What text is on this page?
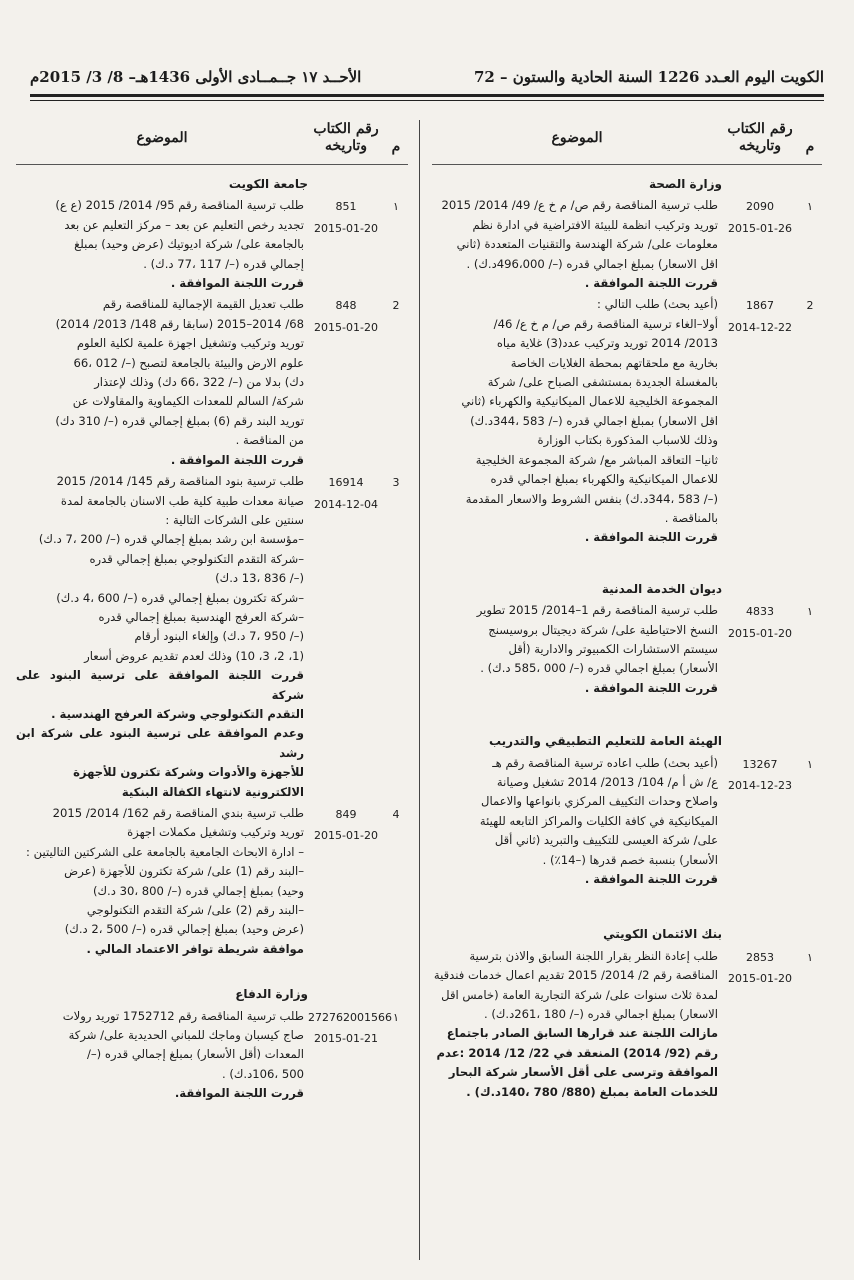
الكويت اليوم العـدد 1226 السنة الحادية والستون – 72
الأحــد ١٧ جــمــادى الأولى 1436هـ– 8/ 3/ 2015م
م
رقم الكتاب
وتاريخه
الموضوع
وزارة الصحة
١
2090
2015-01-26

طلب ترسية المناقصة رقم ص/ م خ ع/ 49/ 2014/ 2015

توريد وتركيب انظمة للبيئة الافتراضية في ادارة نظم

معلومات على/ شركة الهندسة والتقنيات المتعددة (ثاني

اقل الاسعار) بمبلغ اجمالي قدره (–/ 496،000د.ك) .

قررت اللجنة الموافقة .

2
1867
2014-12-22

(أعيد بحث) طلب التالي :

أولا–الغاء ترسية المناقصة رقم ص/ م خ ع/ 46/

2013/ 2014 توريد وتركيب عدد(3) غلاية مياه

بخارية مع ملحقاتهم بمحطة الغلايات الخاصة

بالمغسلة الجديدة بمستشفى الصباح على/ شركة

المجموعة الخليجية للاعمال الميكانيكية والكهرباء (ثاني

اقل الاسعار) بمبلغ اجمالي قدره (–/ 583 ،344د.ك)

وذلك للاسباب المذكورة بكتاب الوزارة

ثانيا– التعاقد المباشر مع/ شركة المجموعة الخليجية

للاعمال الميكانيكية والكهرباء بمبلغ اجمالي قدره

(–/ 583 ،344د.ك) بنفس الشروط والاسعار المقدمة

بالمناقصة .

قررت اللجنة الموافقة .

ديوان الخدمة المدنية
١
4833
2015-01-20

طلب ترسية المناقصة رقم 1–2014/ 2015 تطوير

النسخ الاحتياطية على/ شركة ديجيتال بروسيسنج

سيستم الاستشارات الكمبيوتر والادارية (أقل

الأسعار) بمبلغ اجمالي قدره (–/ 000 ،585 د.ك) .

قررت اللجنة الموافقة .

الهيئة العامة للتعليم التطبيقي والتدريب
١
13267
2014-12-23

(أعيد بحث) طلب اعاده ترسية المناقصة رقم هـ

ع/ ش أ م/ 104/ 2013/ 2014 تشغيل وصيانة

واصلاح وحدات التكييف المركزي بانواعها والاعمال

الميكانيكية في كافة الكليات والمراكز التابعه للهيئة

على/ شركة العيسى للتكييف والتبريد (ثاني أقل

الأسعار) بنسبة خصم قدرها (–14٪) .

قررت اللجنة الموافقة .

بنك الائتمان الكويتي
١
2853
2015-01-20

طلب إعادة النظر بقرار اللجنة السابق والاذن بترسية

المناقصة رقم 2/ 2014/ 2015 تقديم اعمال خدمات فندقية

لمدة ثلاث سنوات على/ شركة التجارية العامة (خامس اقل

الاسعار) بمبلغ اجمالي قدره (–/ 180 ،261د.ك) .

مازالت اللجنة عند قرارها السابق الصادر باجتماع

رقم (92/ 2014) المنعقد في 22/ 12/ 2014 :عدم

الموافقة وترسى على أقل الأسعار شركة البحار

للخدمات العامة بمبلغ (880/ 780 ،140د.ك) .

م
رقم الكتاب
وتاريخه
الموضوع
جامعة الكويت
١
851
2015-01-20

طلب ترسية المناقصة رقم 95/ 2014/ 2015 (ع ع)

تجديد رخص التعليم عن بعد – مركز التعليم عن بعد

بالجامعة على/ شركة اديوتيك (عرض وحيد) بمبلغ

إجمالي قدره (–/ 117 ،77 د.ك) .

قررت اللجنة الموافقة .

2
848
2015-01-20

طلب تعديل القيمة الإجمالية للمناقصة رقم

68/ 2014–2015 (سابقا رقم 148/ 2013/ 2014)

توريد وتركيب وتشغيل اجهزة علمية لكلية العلوم

علوم الارض والبيئة بالجامعة لتصبح (–/ 012 ،66

دك) بدلا من (–/ 322 ،66 دك) وذلك لإعتذار

شركة/ السالم للمعدات الكيماوية والمقاولات عن

توريد البند رقم (6) بمبلغ إجمالي قدره (–/ 310 دك)

من المناقصة .

قررت اللجنة الموافقة .

3
16914
2014-12-04

طلب ترسية بنود المناقصة رقم 145/ 2014/ 2015

صيانة معدات طبية كلية طب الاسنان بالجامعة لمدة

سنتين على الشركات التالية :

–مؤسسة ابن رشد بمبلغ إجمالي قدره (–/ 200 ،7 د.ك)

–شركة التقدم التكنولوجي بمبلغ إجمالي قدره

(–/ 836 ،13 د.ك)

–شركة تكترون بمبلغ إجمالي قدره (–/ 600 ،4 د.ك)

–شركة العرفج الهندسية بمبلغ إجمالي قدره

(–/ 950 ،7 د.ك) وإلغاء البنود أرقام

(1، 2، 3، 10) وذلك لعدم تقديم عروض أسعار

قررت اللجنة الموافقة على ترسية البنود على شركة

التقدم التكنولوجي وشركة العرفج الهندسية .

وعدم الموافقة على ترسية البنود على شركة ابن رشد

للأجهزة والأدوات وشركة تكترون للأجهزة

الالكترونية لانتهاء الكفالة البنكية

4
849
2015-01-20

طلب ترسية بندي المناقصة رقم 162/ 2014/ 2015

توريد وتركيب وتشغيل مكملات اجهزة

– ادارة الابحاث الجامعية بالجامعة على الشركتين التاليتين :

–البند رقم (1) على/ شركة تكترون للأجهزة (عرض

وحيد) بمبلغ إجمالي قدره (–/ 800 ،30 د.ك)

–البند رقم (2) على/ شركة التقدم التكنولوجي

(عرض وحيد) بمبلغ إجمالي قدره (–/ 500 ،2 د.ك)

موافقة شريطة توافر الاعتماد المالي .

وزارة الدفاع
١
272762001566
2015-01-21

طلب ترسية المناقصة رقم 1752712 توريد رولات

صاج كيسبان وماجك للمباني الحديدية على/ شركة

المعدات (أقل الأسعار) بمبلغ إجمالي قدره (–/

500 ،106د.ك) .

قررت اللجنة الموافقة.
